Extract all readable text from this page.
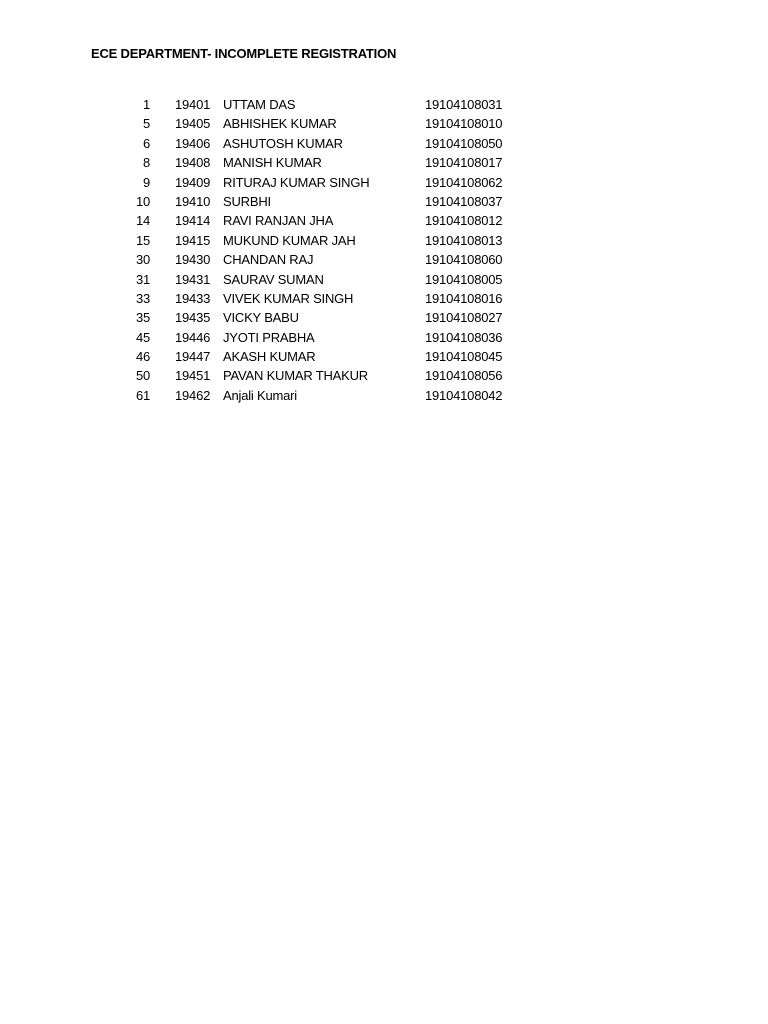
ECE DEPARTMENT- INCOMPLETE REGISTRATION
1 19401 UTTAM DAS	19104108031
5 19405 ABHISHEK KUMAR	19104108010
6 19406 ASHUTOSH KUMAR	19104108050
8 19408 MANISH KUMAR	19104108017
9 19409 RITURAJ KUMAR SINGH	19104108062
10 19410 SURBHI	19104108037
14 19414 RAVI RANJAN JHA	19104108012
15 19415 MUKUND KUMAR JAH	19104108013
30 19430 CHANDAN RAJ	19104108060
31 19431 SAURAV SUMAN	19104108005
33 19433 VIVEK KUMAR SINGH	19104108016
35 19435 VICKY BABU	19104108027
45 19446 JYOTI PRABHA	19104108036
46 19447 AKASH KUMAR	19104108045
50 19451 PAVAN KUMAR THAKUR	19104108056
61 19462 Anjali Kumari	19104108042
